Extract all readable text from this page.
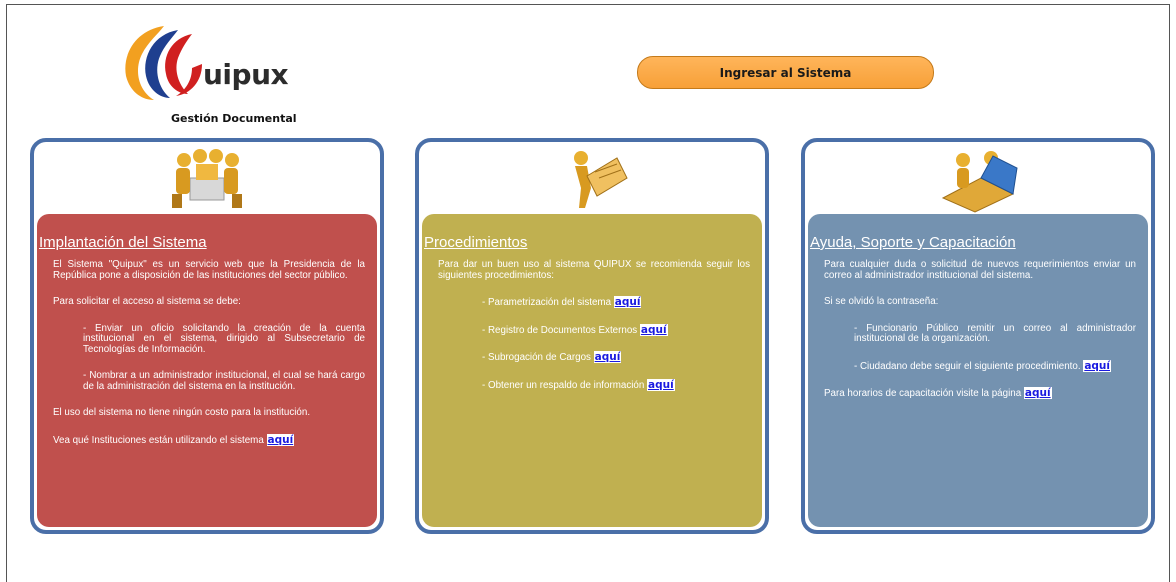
uipux
Gestión Documental
Ingresar al Sistema
Implantación del Sistema

El Sistema "Quipux" es un servicio web que la Presidencia de la República pone a disposición de las instituciones del sector público.

Para solicitar el acceso al sistema se debe:

- Enviar un oficio solicitando la creación de la cuenta institucional en el sistema, dirigido al Subsecretario de Tecnologías de Información.

- Nombrar a un administrador institucional, el cual se hará cargo de la administración del sistema en la institución.

El uso del sistema no tiene ningún costo para la institución.

Vea qué Instituciones están utilizando el sistema aquí

Procedimientos

Para dar un buen uso al sistema QUIPUX se recomienda seguir los siguientes procedimientos:

- Parametrización del sistema aquí

- Registro de Documentos Externos aquí

- Subrogación de Cargos aquí

- Obtener un respaldo de información aquí

Ayuda, Soporte y Capacitación

Para cualquier duda o solicitud de nuevos requerimientos enviar un correo al administrador institucional del sistema.

Si se olvidó la contraseña:

- Funcionario Público remitir un correo al administrador institucional de la organización.

- Ciudadano debe seguir el siguiente procedimiento. aquí

Para horarios de capacitación visite la página aquí
